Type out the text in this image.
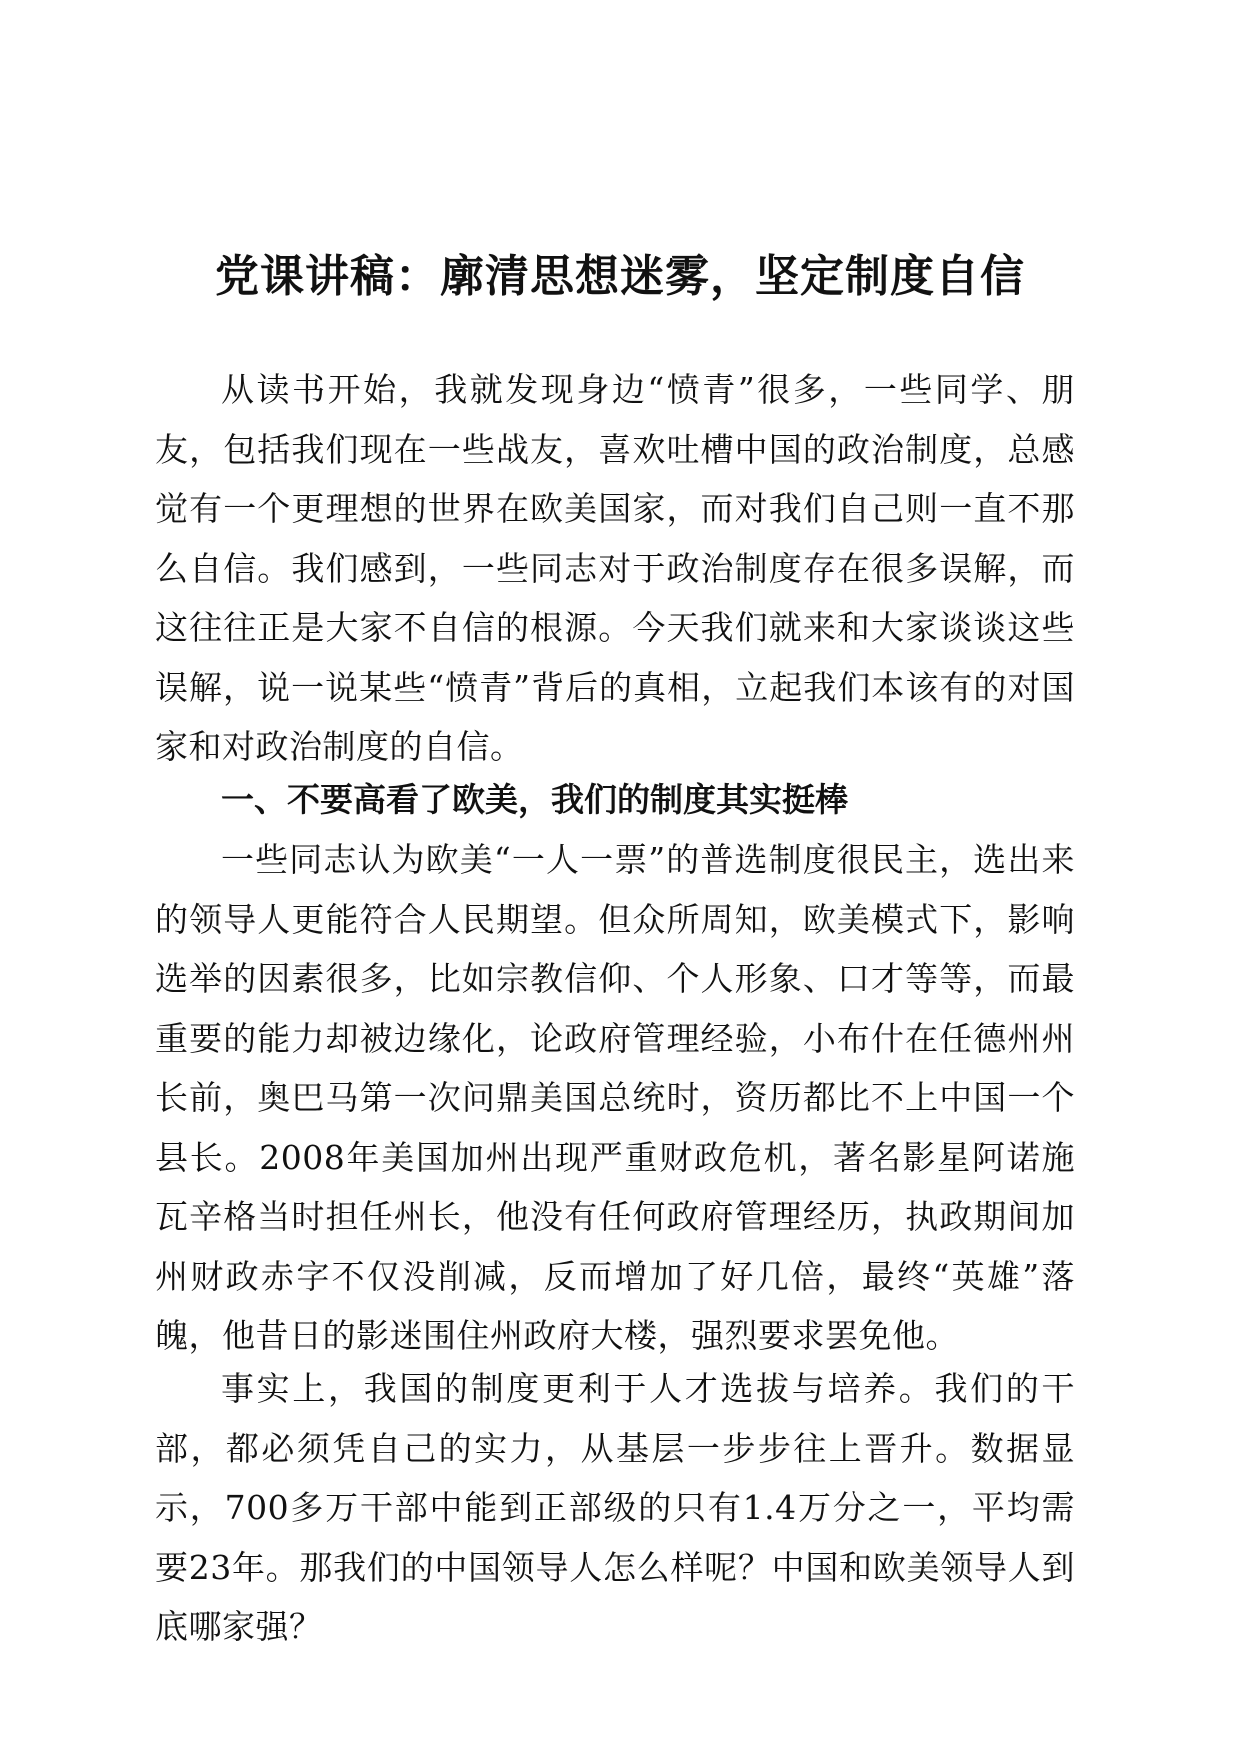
党课讲稿：廓清思想迷雾，坚定制度自信

从读书开始，我就发现身边“愤青”很多，一些同学、朋友，包括我们现在一些战友，喜欢吐槽中国的政治制度，总感觉有一个更理想的世界在欧美国家，而对我们自己则一直不那么自信。我们感到，一些同志对于政治制度存在很多误解，而这往往正是大家不自信的根源。今天我们就来和大家谈谈这些误解，说一说某些“愤青”背后的真相，立起我们本该有的对国家和对政治制度的自信。

一、不要高看了欧美，我们的制度其实挺棒

一些同志认为欧美“一人一票”的普选制度很民主，选出来的领导人更能符合人民期望。但众所周知，欧美模式下，影响选举的因素很多，比如宗教信仰、个人形象、口才等等，而最重要的能力却被边缘化，论政府管理经验，小布什在任德州州长前，奥巴马第一次问鼎美国总统时，资历都比不上中国一个县长。2008年美国加州出现严重财政危机，著名影星阿诺施瓦辛格当时担任州长，他没有任何政府管理经历，执政期间加州财政赤字不仅没削减，反而增加了好几倍，最终“英雄”落魄，他昔日的影迷围住州政府大楼，强烈要求罢免他。

事实上，我国的制度更利于人才选拔与培养。我们的干部，都必须凭自己的实力，从基层一步步往上晋升。数据显示，700多万干部中能到正部级的只有1.4万分之一，平均需要23年。那我们的中国领导人怎么样呢？中国和欧美领导人到底哪家强？
